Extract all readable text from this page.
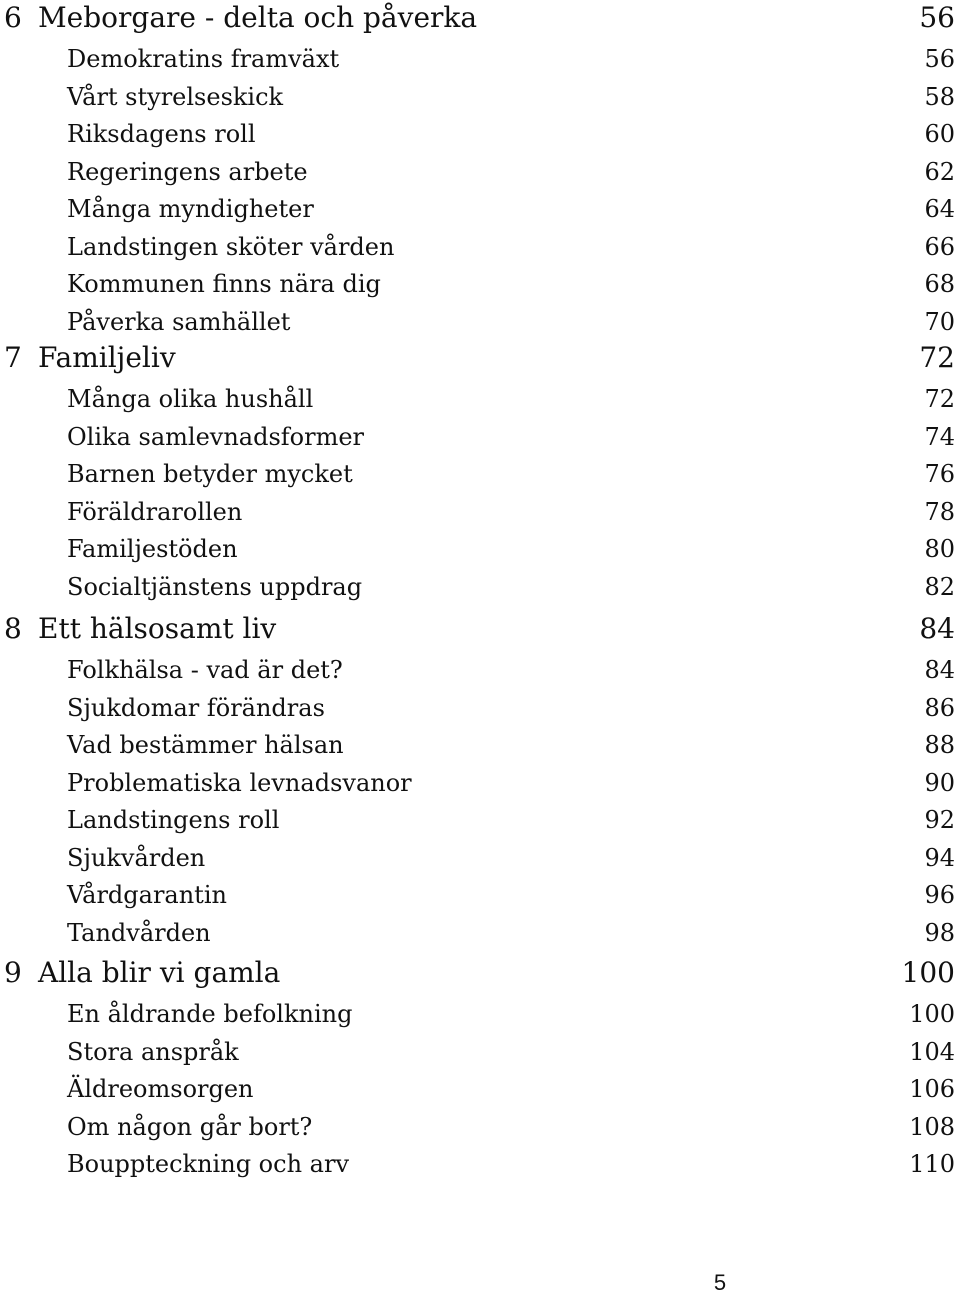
6 Meborgare - delta och påverka	56
Demokratins framväxt	56
Vårt styrelseskick	58
Riksdagens roll	60
Regeringens arbete	62
Många myndigheter	64
Landstingen sköter vården	66
Kommunen finns nära dig	68
Påverka samhället	70
7 Familjeliv	72
Många olika hushåll	72
Olika samlevnadsformer	74
Barnen betyder mycket	76
Föräldrarollen	78
Familjestöden	80
Socialtjänstens uppdrag	82
8 Ett hälsosamt liv	84
Folkhälsa - vad är det?	84
Sjukdomar förändras	86
Vad bestämmer hälsan	88
Problematiska levnadsvanor	90
Landstingens roll	92
Sjukvården	94
Vårdgarantin	96
Tandvården	98
9 Alla blir vi gamla	100
En åldrande befolkning	100
Stora anspråk	104
Äldreomsorgen	106
Om någon går bort?	108
Bouppteckning och arv	110
5
